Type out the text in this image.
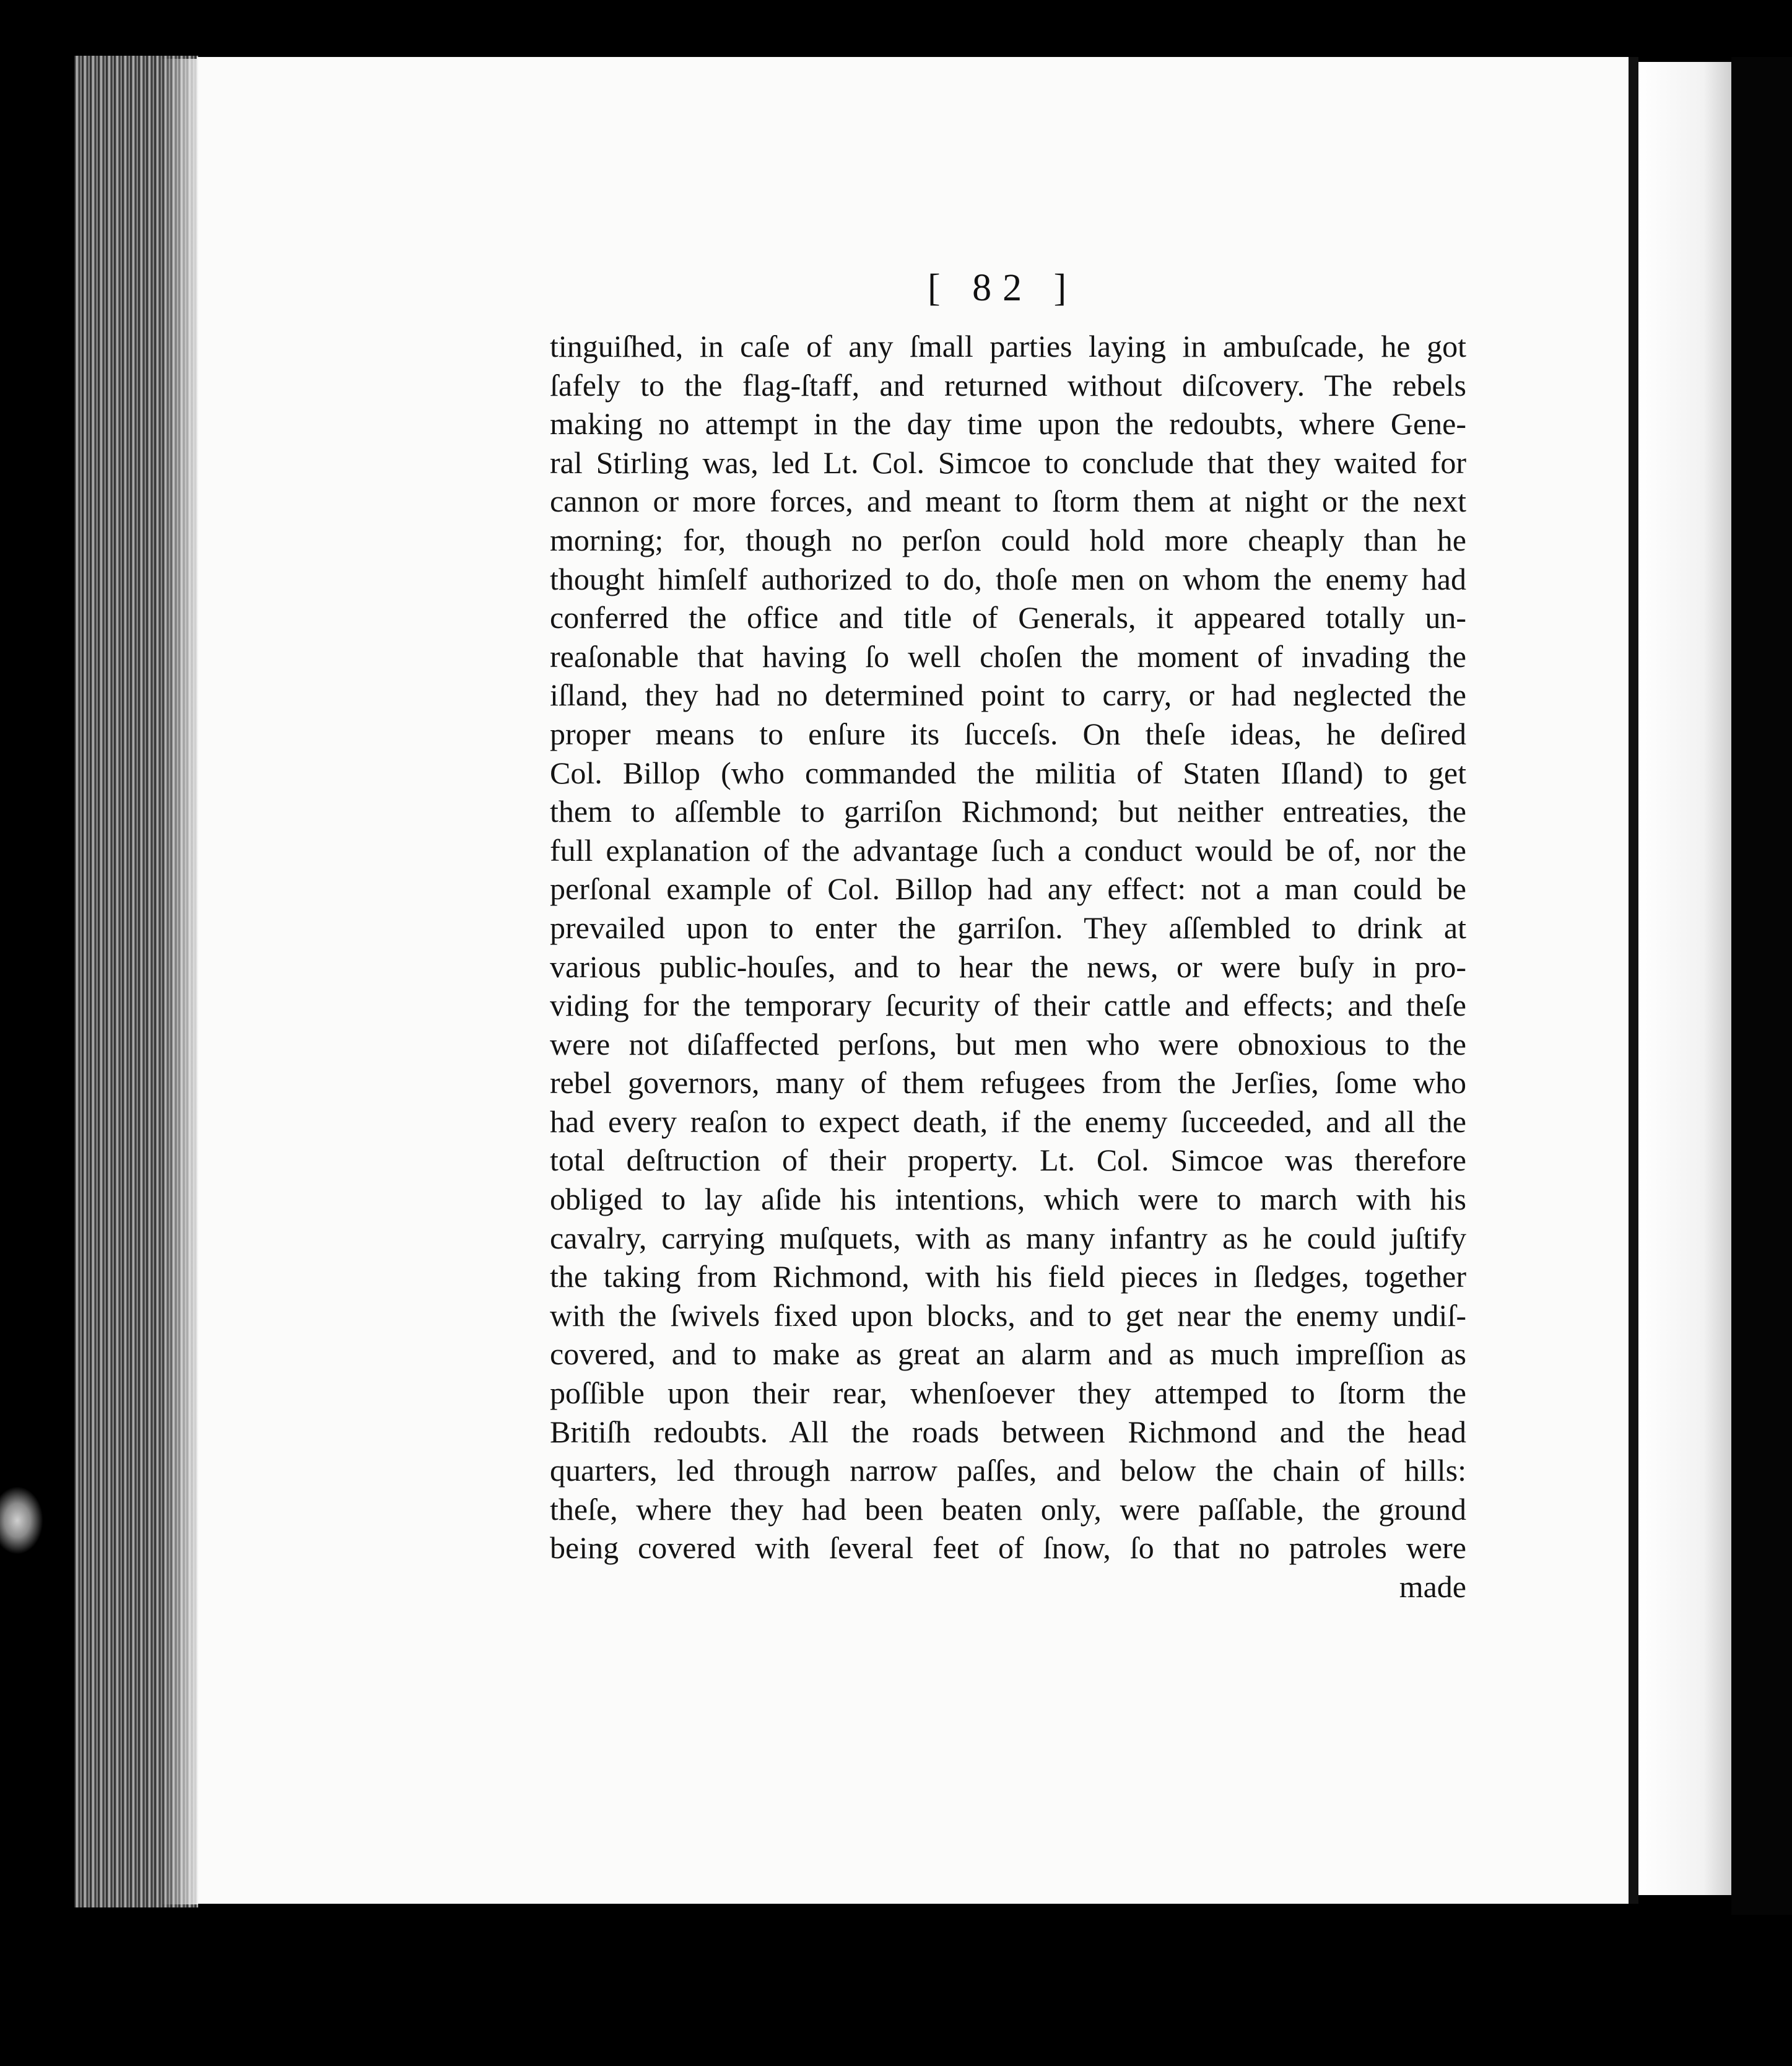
[ 82 ]
tinguiſhed, in caſe of any ſmall parties laying in ambuſcade, he got
ſafely to the flag-ſtaff, and returned without diſcovery. The rebels
making no attempt in the day time upon the redoubts, where Gene-
ral Stirling was, led Lt. Col. Simcoe to conclude that they waited for
cannon or more forces, and meant to ſtorm them at night or the next
morning; for, though no perſon could hold more cheaply than he
thought himſelf authorized to do, thoſe men on whom the enemy had
conferred the office and title of Generals, it appeared totally un-
reaſonable that having ſo well choſen the moment of invading the
iſland, they had no determined point to carry, or had neglected the
proper means to enſure its ſucceſs. On theſe ideas, he deſired
Col. Billop (who commanded the militia of Staten Iſland) to get
them to aſſemble to garriſon Richmond; but neither entreaties, the
full explanation of the advantage ſuch a conduct would be of, nor the
perſonal example of Col. Billop had any effect: not a man could be
prevailed upon to enter the garriſon. They aſſembled to drink at
various public-houſes, and to hear the news, or were buſy in pro-
viding for the temporary ſecurity of their cattle and effects; and theſe
were not diſaffected perſons, but men who were obnoxious to the
rebel governors, many of them refugees from the Jerſies, ſome who
had every reaſon to expect death, if the enemy ſucceeded, and all the
total deſtruction of their property. Lt. Col. Simcoe was therefore
obliged to lay aſide his intentions, which were to march with his
cavalry, carrying muſquets, with as many infantry as he could juſtify
the taking from Richmond, with his field pieces in ſledges, together
with the ſwivels fixed upon blocks, and to get near the enemy undiſ-
covered, and to make as great an alarm and as much impreſſion as
poſſible upon their rear, whenſoever they attemped to ſtorm the
Britiſh redoubts. All the roads between Richmond and the head
quarters, led through narrow paſſes, and below the chain of hills:
theſe, where they had been beaten only, were paſſable, the ground
being covered with ſeveral feet of ſnow, ſo that no patroles were
made
